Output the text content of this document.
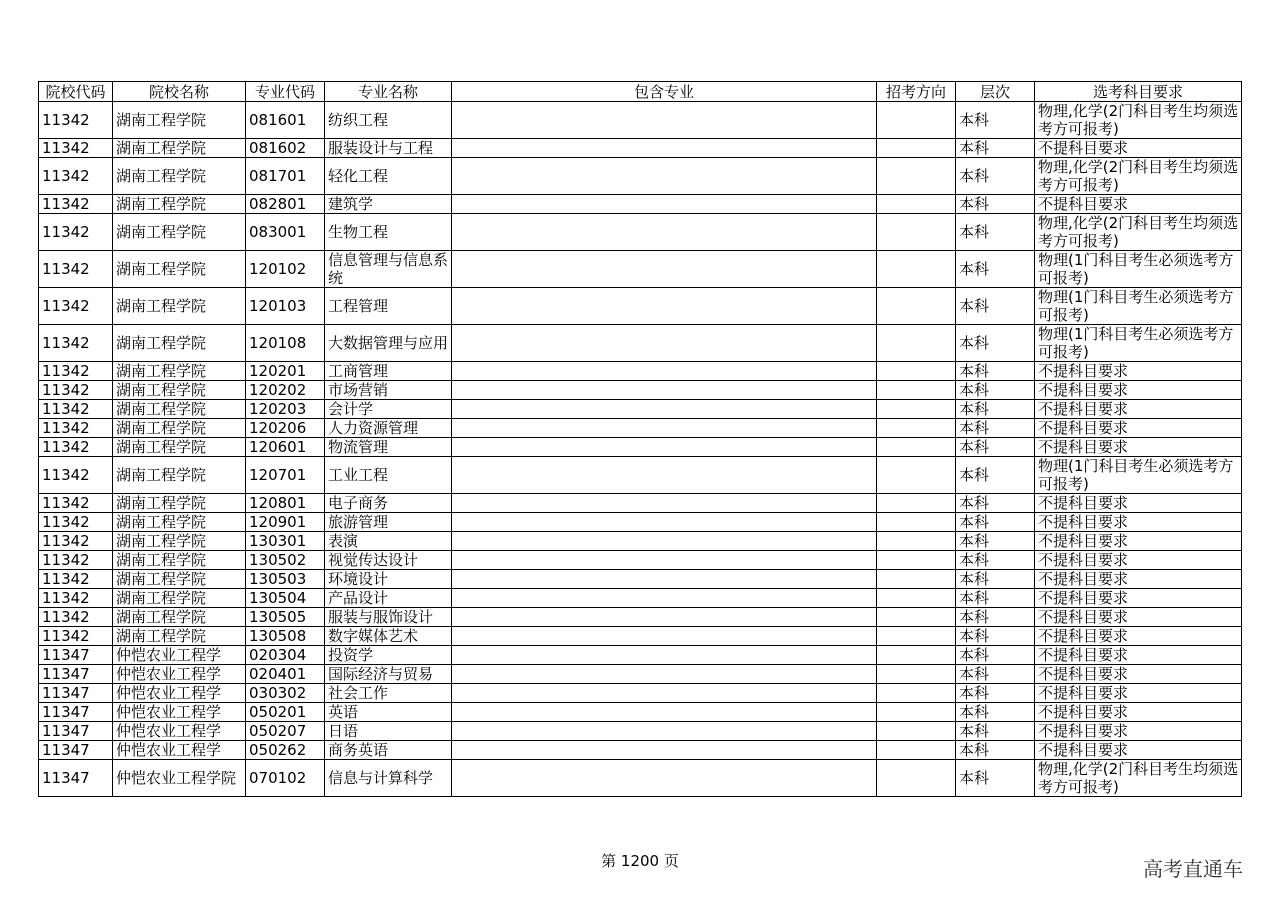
院校代码	院校名称	专业代码	专业名称	包含专业	招考方向	层次	选考科目要求
11342	湖南工程学院	081601	纺织工程			本科	物理,化学(2门科目考生均须选考方可报考)
11342	湖南工程学院	081602	服装设计与工程			本科	不提科目要求
11342	湖南工程学院	081701	轻化工程			本科	物理,化学(2门科目考生均须选考方可报考)
11342	湖南工程学院	082801	建筑学			本科	不提科目要求
11342	湖南工程学院	083001	生物工程			本科	物理,化学(2门科目考生均须选考方可报考)
11342	湖南工程学院	120102	信息管理与信息系统			本科	物理(1门科目考生必须选考方可报考)
11342	湖南工程学院	120103	工程管理			本科	物理(1门科目考生必须选考方可报考)
11342	湖南工程学院	120108	大数据管理与应用			本科	物理(1门科目考生必须选考方可报考)
11342	湖南工程学院	120201	工商管理			本科	不提科目要求
11342	湖南工程学院	120202	市场营销			本科	不提科目要求
11342	湖南工程学院	120203	会计学			本科	不提科目要求
11342	湖南工程学院	120206	人力资源管理			本科	不提科目要求
11342	湖南工程学院	120601	物流管理			本科	不提科目要求
11342	湖南工程学院	120701	工业工程			本科	物理(1门科目考生必须选考方可报考)
11342	湖南工程学院	120801	电子商务			本科	不提科目要求
11342	湖南工程学院	120901	旅游管理			本科	不提科目要求
11342	湖南工程学院	130301	表演			本科	不提科目要求
11342	湖南工程学院	130502	视觉传达设计			本科	不提科目要求
11342	湖南工程学院	130503	环境设计			本科	不提科目要求
11342	湖南工程学院	130504	产品设计			本科	不提科目要求
11342	湖南工程学院	130505	服装与服饰设计			本科	不提科目要求
11342	湖南工程学院	130508	数字媒体艺术			本科	不提科目要求
11347	仲恺农业工程学	020304	投资学			本科	不提科目要求
11347	仲恺农业工程学	020401	国际经济与贸易			本科	不提科目要求
11347	仲恺农业工程学	030302	社会工作			本科	不提科目要求
11347	仲恺农业工程学	050201	英语			本科	不提科目要求
11347	仲恺农业工程学	050207	日语			本科	不提科目要求
11347	仲恺农业工程学	050262	商务英语			本科	不提科目要求
11347	仲恺农业工程学院	070102	信息与计算科学			本科	物理,化学(2门科目考生均须选考方可报考)
第 1200 页	高考直通车
